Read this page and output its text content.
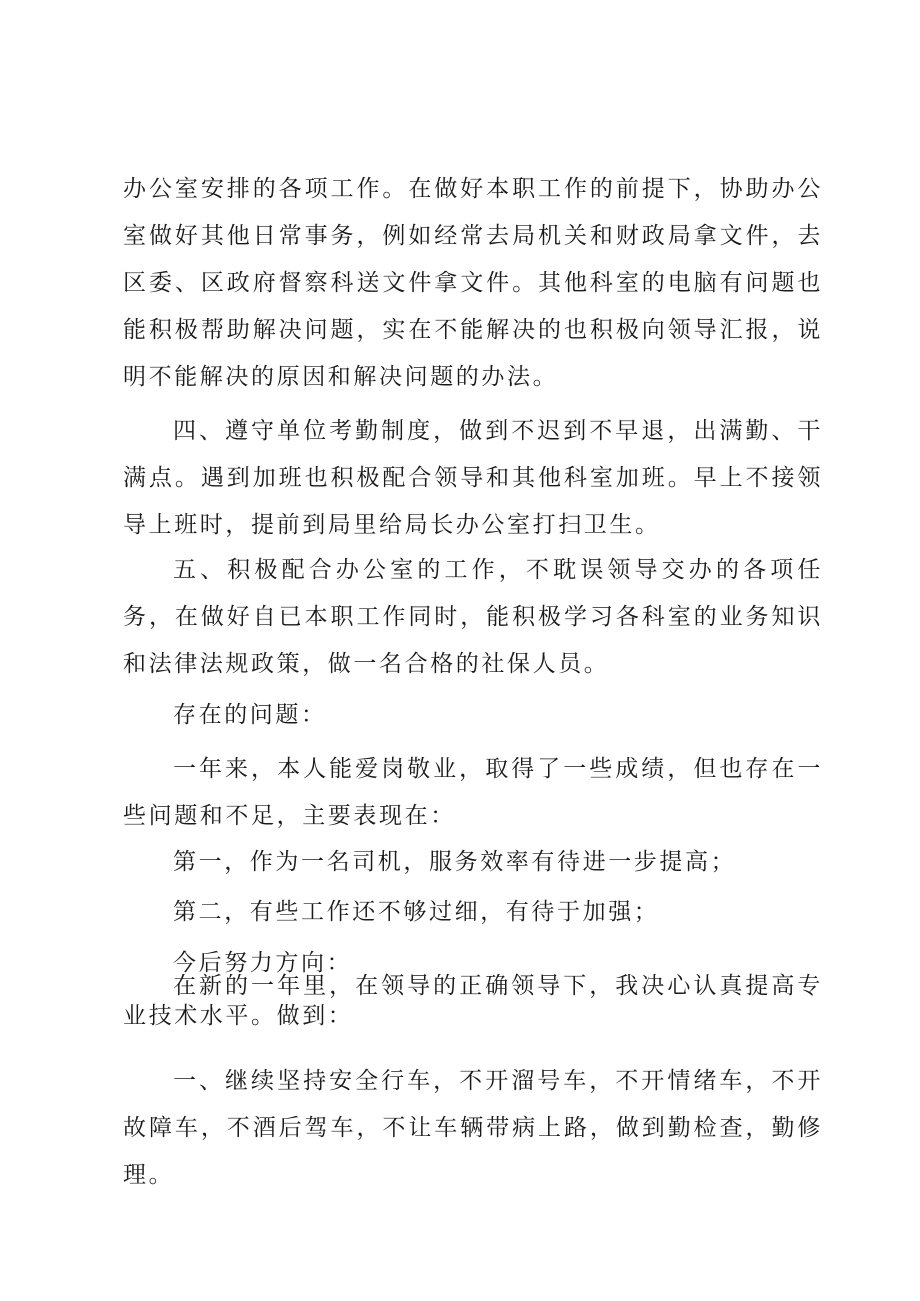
办公室安排的各项工作。在做好本职工作的前提下，协助办公室做好其他日常事务，例如经常去局机关和财政局拿文件，去区委、区政府督察科送文件拿文件。其他科室的电脑有问题也能积极帮助解决问题，实在不能解决的也积极向领导汇报，说明不能解决的原因和解决问题的办法。

四、遵守单位考勤制度，做到不迟到不早退，出满勤、干满点。遇到加班也积极配合领导和其他科室加班。早上不接领导上班时，提前到局里给局长办公室打扫卫生。

五、积极配合办公室的工作，不耽误领导交办的各项任务，在做好自已本职工作同时，能积极学习各科室的业务知识和法律法规政策，做一名合格的社保人员。

存在的问题：

一年来，本人能爱岗敬业，取得了一些成绩，但也存在一些问题和不足，主要表现在：

第一，作为一名司机，服务效率有待进一步提高；

第二，有些工作还不够过细，有待于加强；

今后努力方向：

在新的一年里，在领导的正确领导下，我决心认真提高专业技术水平。做到：

一、继续坚持安全行车，不开溜号车，不开情绪车，不开故障车，不酒后驾车，不让车辆带病上路，做到勤检查，勤修理。
